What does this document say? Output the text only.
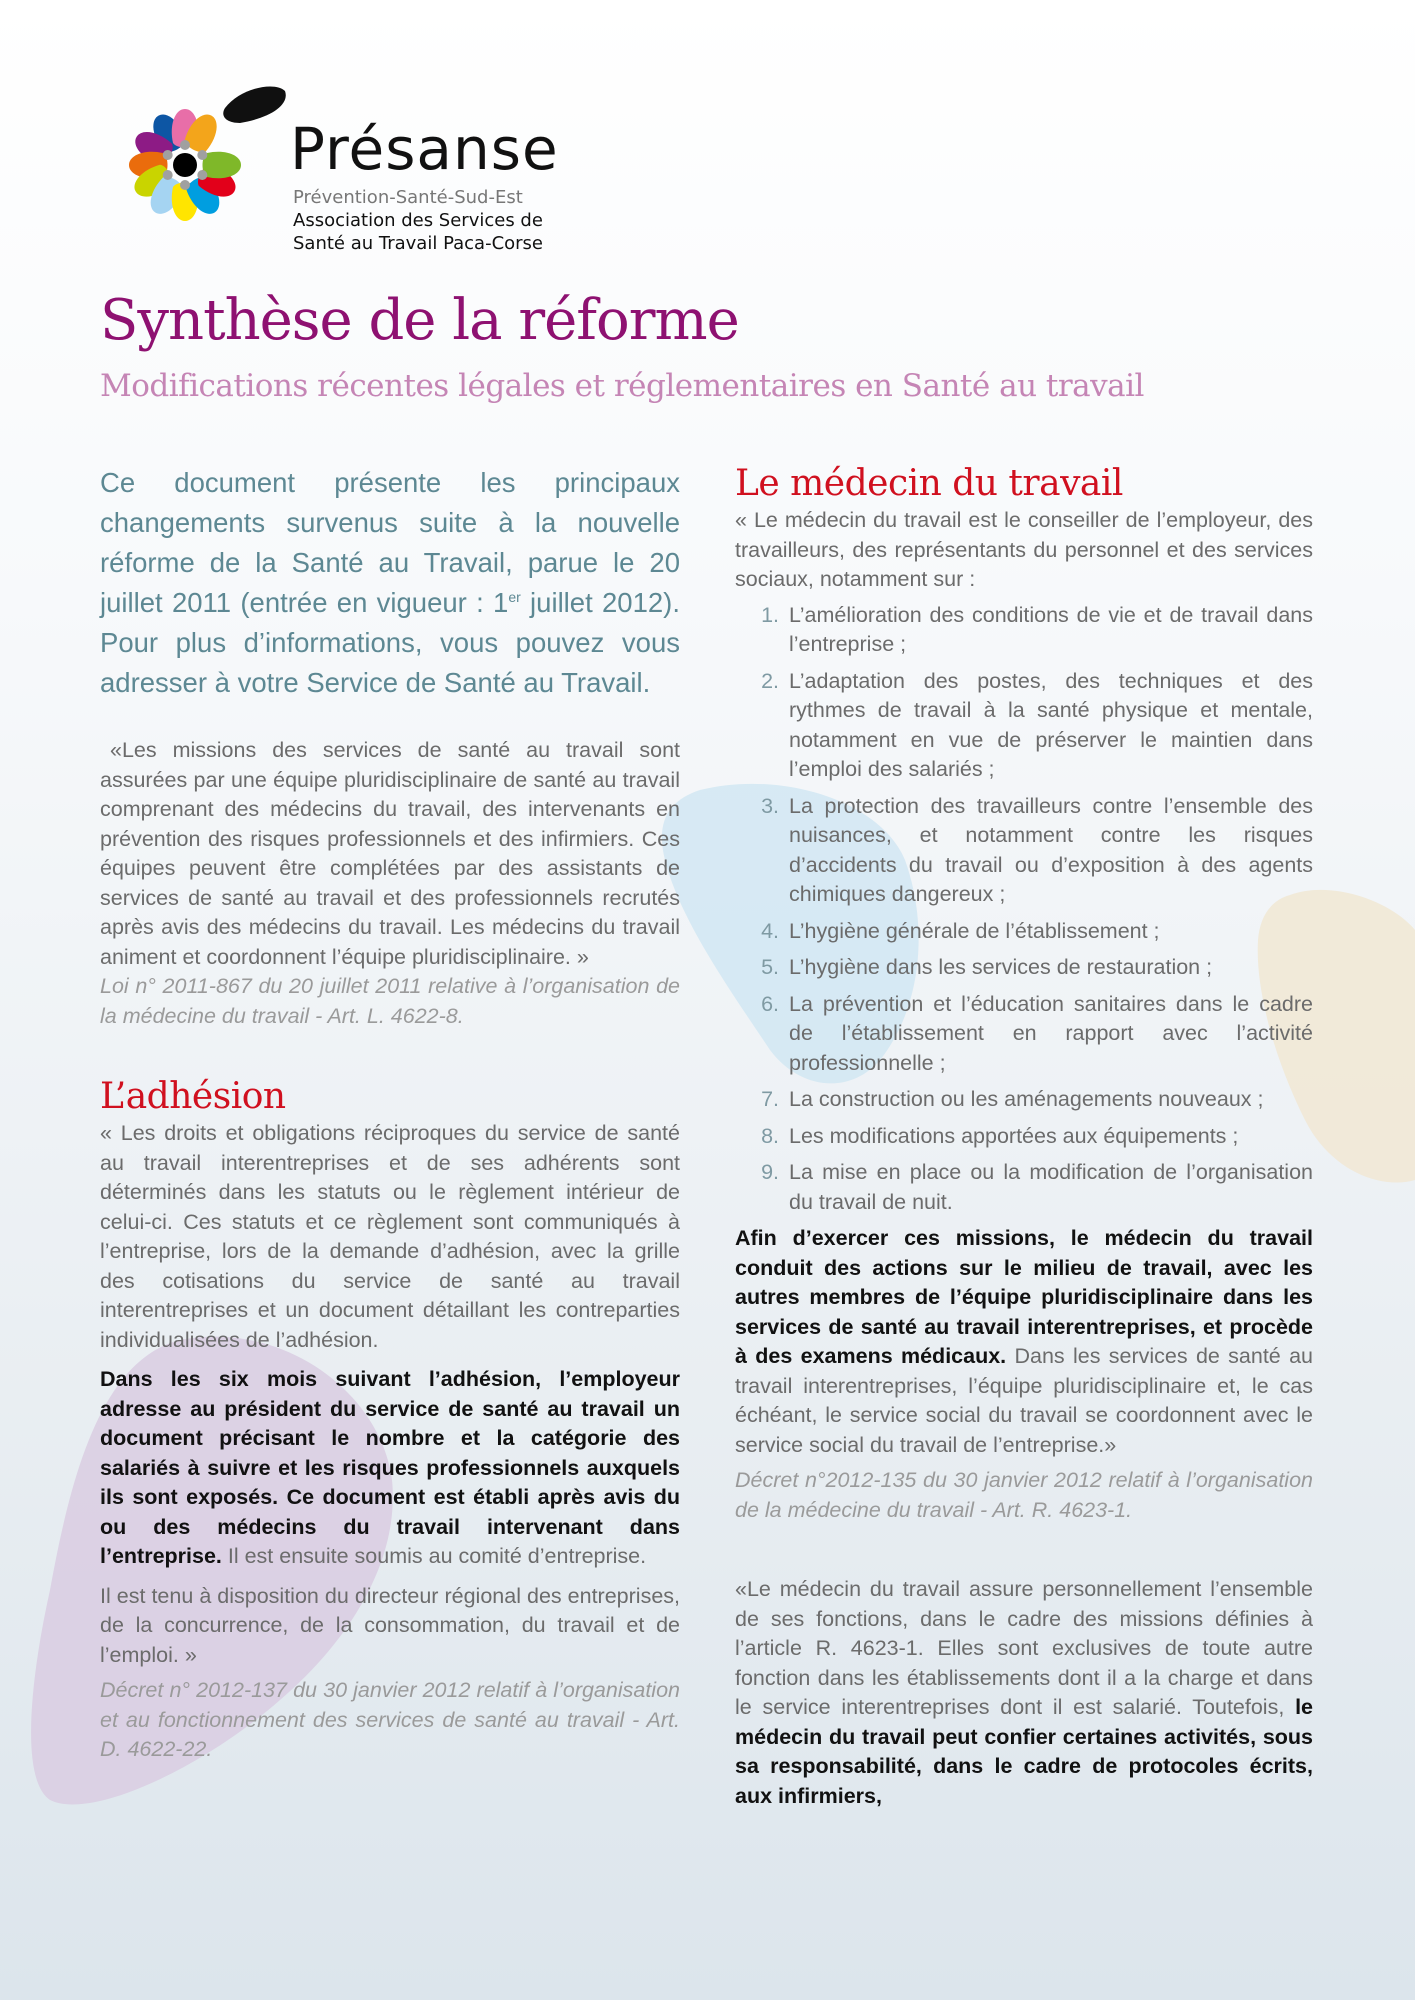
Présanse
Prévention-Santé-Sud-Est
Association des Services de
Santé au Travail Paca-Corse
Synthèse de la réforme
Modifications récentes légales et réglementaires en Santé au travail

Ce document présente les principaux changements survenus suite à la nouvelle réforme de la Santé au Travail, parue le 20 juillet 2011 (entrée en vigueur : 1er juillet 2012). Pour plus d’informations, vous pouvez vous adresser à votre Service de Santé au Travail.

«Les missions des services de santé au travail sont assurées par une équipe pluridisciplinaire de santé au travail comprenant des médecins du travail, des intervenants en prévention des risques professionnels et des infirmiers. Ces équipes peuvent être complétées par des assistants de services de santé au travail et des professionnels recrutés après avis des médecins du travail. Les médecins du travail animent et coordonnent l’équipe pluridisciplinaire. »

Loi n° 2011-867 du 20 juillet 2011 relative à l’organisation de la médecine du travail - Art. L. 4622-8.

L’adhésion

« Les droits et obligations réciproques du service de santé au travail interentreprises et de ses adhérents sont déterminés dans les statuts ou le règlement intérieur de celui-ci. Ces statuts et ce règlement sont communiqués à l’entreprise, lors de la demande d’adhésion, avec la grille des cotisations du service de santé au travail interentreprises et un document détaillant les contreparties individualisées de l’adhésion.

Dans les six mois suivant l’adhésion, l’employeur adresse au président du service de santé au travail un document précisant le nombre et la catégorie des salariés à suivre et les risques professionnels auxquels ils sont exposés. Ce document est établi après avis du ou des médecins du travail intervenant dans l’entreprise. Il est ensuite soumis au comité d’entreprise.

Il est tenu à disposition du directeur régional des entreprises, de la concurrence, de la consommation, du travail et de l’emploi. »

Décret n° 2012-137 du 30 janvier 2012 relatif à l’organisation et au fonctionnement des services de santé au travail - Art. D. 4622-22.

Le médecin du travail

« Le médecin du travail est le conseiller de l’employeur, des travailleurs, des représentants du personnel et des services sociaux, notamment sur :

1. L’amélioration des conditions de vie et de travail dans l’entreprise ;
2. L’adaptation des postes, des techniques et des rythmes de travail à la santé physique et mentale, notamment en vue de préserver le maintien dans l’emploi des salariés ;
3. La protection des travailleurs contre l’ensemble des nuisances, et notamment contre les risques d’accidents du travail ou d’exposition à des agents chimiques dangereux ;
4. L’hygiène générale de l’établissement ;
5. L’hygiène dans les services de restauration ;
6. La prévention et l’éducation sanitaires dans le cadre de l’établissement en rapport avec l’activité professionnelle ;
7. La construction ou les aménagements nouveaux ;
8. Les modifications apportées aux équipements ;
9. La mise en place ou la modification de l’organisation du travail de nuit.

Afin d’exercer ces missions, le médecin du travail conduit des actions sur le milieu de travail, avec les autres membres de l’équipe pluridisciplinaire dans les services de santé au travail interentreprises, et procède à des examens médicaux. Dans les services de santé au travail interentreprises, l’équipe pluridisciplinaire et, le cas échéant, le service social du travail se coordonnent avec le service social du travail de l’entreprise.»

Décret n°2012-135 du 30 janvier 2012 relatif à l’organisation de la médecine du travail - Art. R. 4623-1.

«Le médecin du travail assure personnellement l’ensemble de ses fonctions, dans le cadre des missions définies à l’article R. 4623-1. Elles sont exclusives de toute autre fonction dans les établissements dont il a la charge et dans le service interentreprises dont il est salarié. Toutefois, le médecin du travail peut confier certaines activités, sous sa responsabilité, dans le cadre de protocoles écrits, aux infirmiers,
